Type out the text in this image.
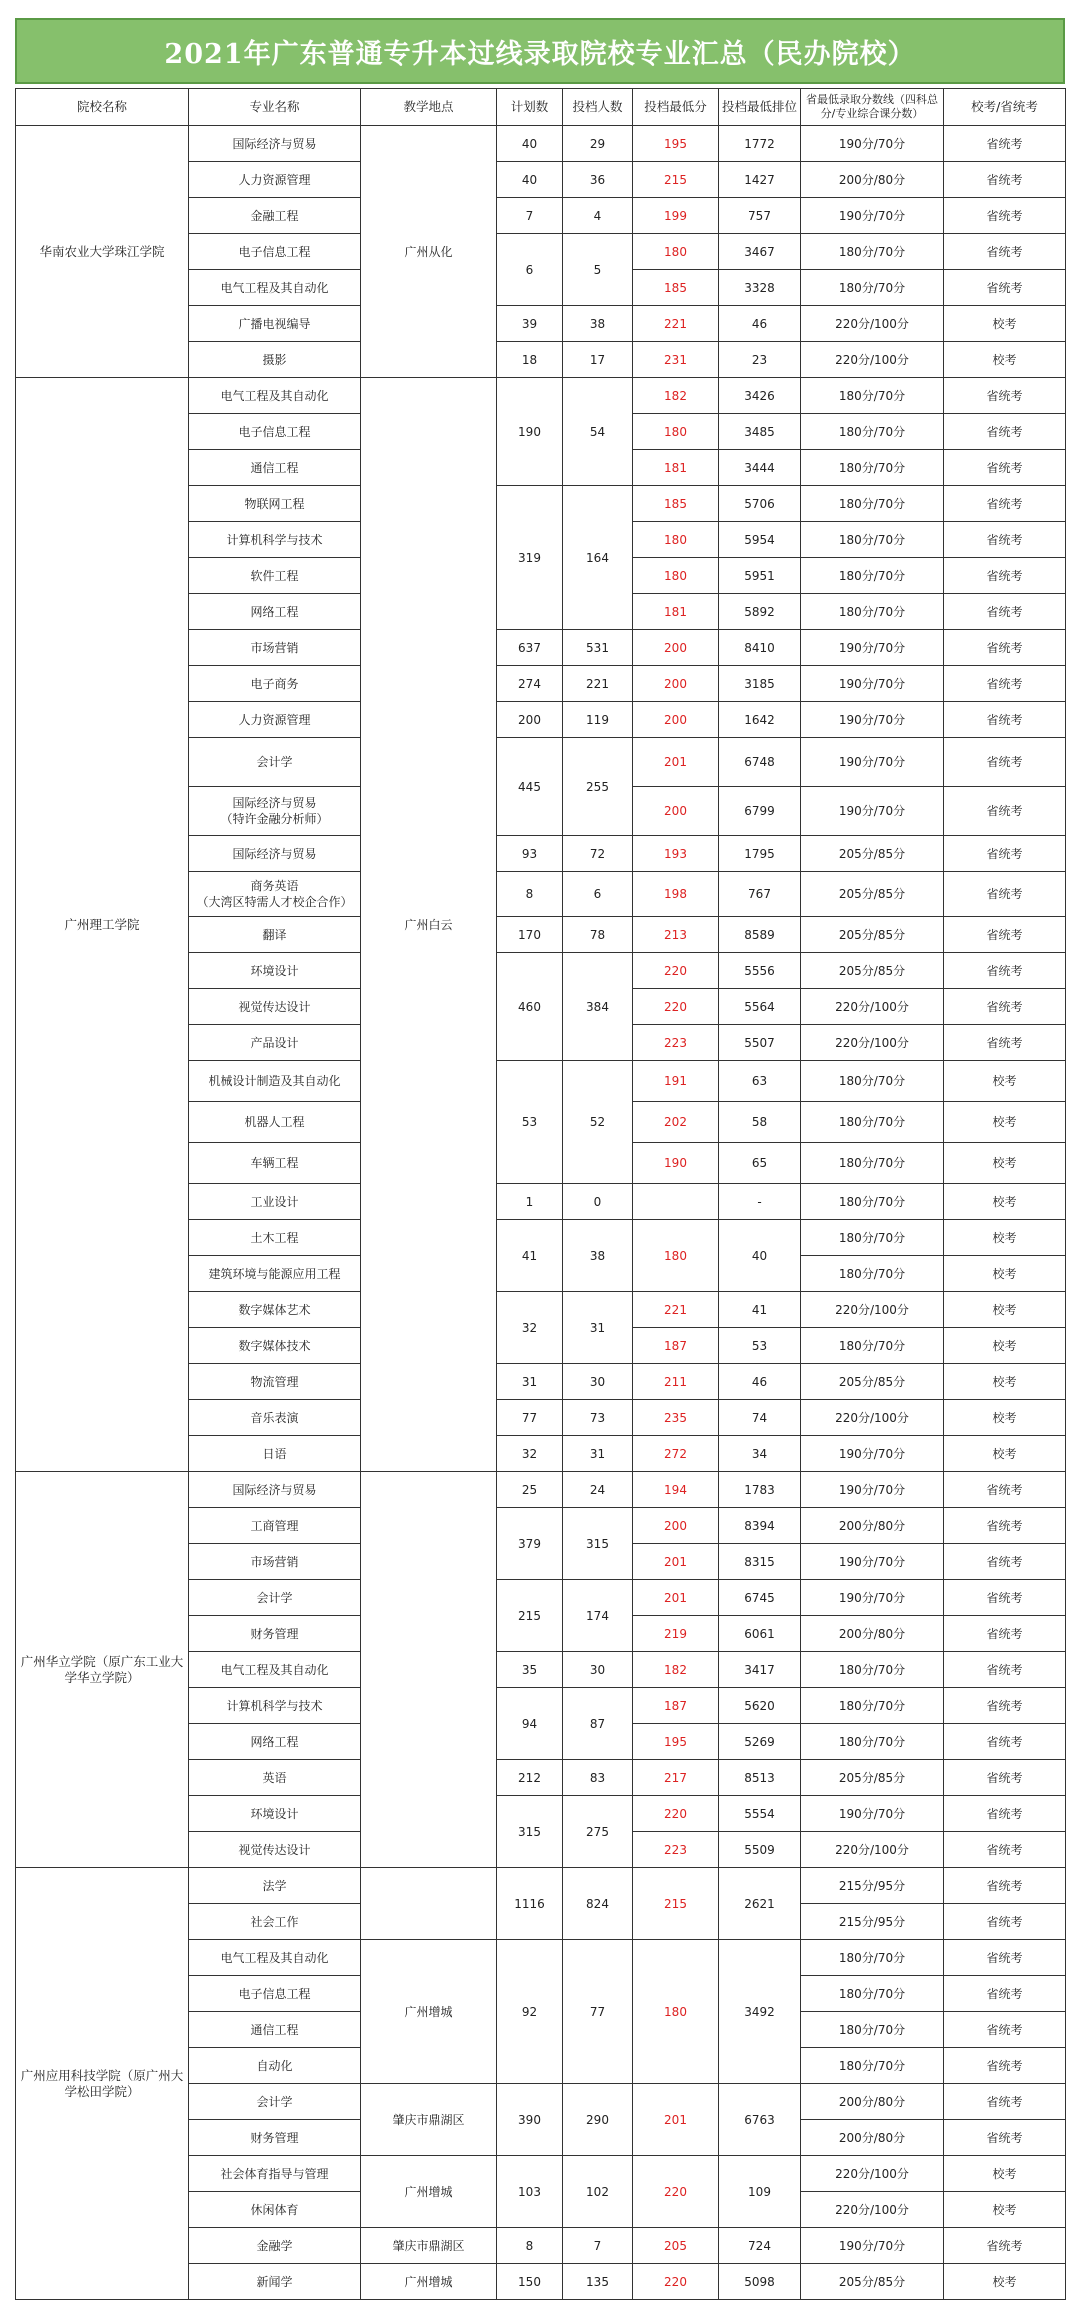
2021年广东普通专升本过线录取院校专业汇总（民办院校）
院校名称	专业名称	教学地点	计划数	投档人数	投档最低分	投档最低排位	省最低录取分数线（四科总分/专业综合课分数）	校考/省统考
华南农业大学珠江学院	国际经济与贸易	广州从化	40	29	195	1772	190分/70分	省统考
	人力资源管理		40	36	215	1427	200分/80分	省统考
	金融工程		7	4	199	757	190分/70分	省统考
	电子信息工程		6	5	180	3467	180分/70分	省统考
	电气工程及其自动化				185	3328	180分/70分	省统考
	广播电视编导		39	38	221	46	220分/100分	校考
	摄影		18	17	231	23	220分/100分	校考
广州理工学院	电气工程及其自动化	广州白云	190	54	182	3426	180分/70分	省统考
	电子信息工程				180	3485	180分/70分	省统考
	通信工程				181	3444	180分/70分	省统考
	物联网工程		319	164	185	5706	180分/70分	省统考
	计算机科学与技术				180	5954	180分/70分	省统考
	软件工程				180	5951	180分/70分	省统考
	网络工程				181	5892	180分/70分	省统考
	市场营销		637	531	200	8410	190分/70分	省统考
	电子商务		274	221	200	3185	190分/70分	省统考
	人力资源管理		200	119	200	1642	190分/70分	省统考
	会计学		445	255	201	6748	190分/70分	省统考
	国际经济与贸易
（特许金融分析师）				200	6799	190分/70分	省统考
	国际经济与贸易		93	72	193	1795	205分/85分	省统考
	商务英语
（大湾区特需人才校企合作）		8	6	198	767	205分/85分	省统考
	翻译		170	78	213	8589	205分/85分	省统考
	环境设计		460	384	220	5556	205分/85分	省统考
	视觉传达设计				220	5564	220分/100分	省统考
	产品设计				223	5507	220分/100分	省统考
	机械设计制造及其自动化		53	52	191	63	180分/70分	校考
	机器人工程				202	58	180分/70分	校考
	车辆工程				190	65	180分/70分	校考
	工业设计		1	0		-	180分/70分	校考
	土木工程		41	38	180	40	180分/70分	校考
	建筑环境与能源应用工程						180分/70分	校考
	数字媒体艺术		32	31	221	41	220分/100分	校考
	数字媒体技术				187	53	180分/70分	校考
	物流管理		31	30	211	46	205分/85分	校考
	音乐表演		77	73	235	74	220分/100分	校考
	日语		32	31	272	34	190分/70分	校考
广州华立学院（原广东工业大学华立学院）	国际经济与贸易		25	24	194	1783	190分/70分	省统考
	工商管理		379	315	200	8394	200分/80分	省统考
	市场营销				201	8315	190分/70分	省统考
	会计学		215	174	201	6745	190分/70分	省统考
	财务管理				219	6061	200分/80分	省统考
	电气工程及其自动化		35	30	182	3417	180分/70分	省统考
	计算机科学与技术		94	87	187	5620	180分/70分	省统考
	网络工程				195	5269	180分/70分	省统考
	英语		212	83	217	8513	205分/85分	省统考
	环境设计		315	275	220	5554	190分/70分	省统考
	视觉传达设计				223	5509	220分/100分	省统考
广州应用科技学院（原广州大学松田学院）	法学		1116	824	215	2621	215分/95分	省统考
	社会工作						215分/95分	省统考
	电气工程及其自动化	广州增城	92	77	180	3492	180分/70分	省统考
	电子信息工程						180分/70分	省统考
	通信工程						180分/70分	省统考
	自动化						180分/70分	省统考
	会计学	肇庆市鼎湖区	390	290	201	6763	200分/80分	省统考
	财务管理						200分/80分	省统考
	社会体育指导与管理	广州增城	103	102	220	109	220分/100分	校考
	休闲体育						220分/100分	校考
	金融学	肇庆市鼎湖区	8	7	205	724	190分/70分	省统考
	新闻学	广州增城	150	135	220	5098	205分/85分	校考
